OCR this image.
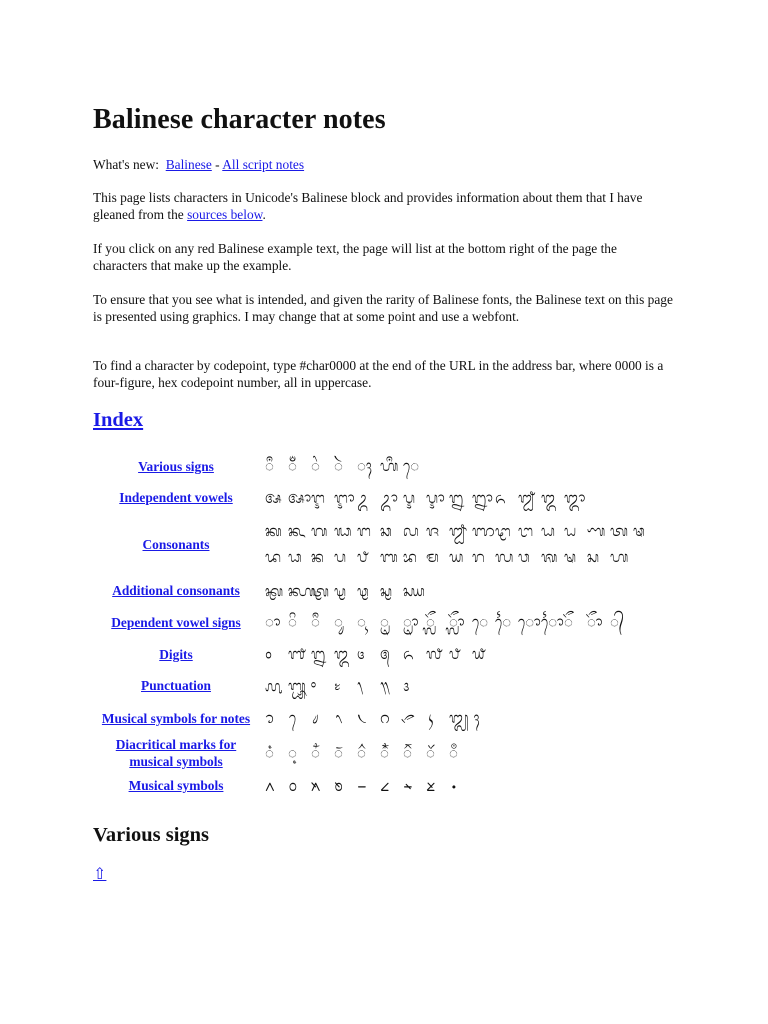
Balinese character notes

What's new: Balinese - All script notes

This page lists characters in Unicode's Balinese block and provides information about them that I have gleaned from the sources below.

If you click on any red Balinese example text, the page will list at the bottom right of the page the characters that make up the example.

To ensure that you see what is intended, and given the rarity of Balinese fonts, the Balinese text on this page is presented using graphics. I may change that at some point and use a webfont.

To find a character by codepoint, type #char0000 at the end of the URL in the address bar, where 0000 is a four-figure, hex codepoint number, all in uppercase.

Index
Various signs	ᬀ ᬁ ᬂ ᬃ ᬄ ᬳᬀ ᬾ

Independent vowels	ᬅ ᬆᬇ ᬈ ᬉ ᬊ ᬋ ᬌ ᬍ ᬎ ᬏ ᬐ ᬑ ᬒ

Consonants	ᬓ ᬔ ᬕ ᬖ ᬗ ᬘ ᬙ ᬚ ᬛ ᬜᬝ ᬞ ᬟ ᬠ ᬡ ᬢ ᬣ
ᬤ ᬥ ᬦ ᬧ ᬨ ᬩ ᬪ ᬫ ᬬ ᬭ ᬮ ᬯ ᬰ ᬱ ᬲ ᬳ

Additional consonants	ᭅ ᭆᭇ ᭈ ᭉ ᭊ ᭋ

Dependent vowel signs	ᬵ ᬶ ᬷ ᬸ ᬹ ᬺ ᬻ ᬼ ᬽ ᬾ ᬿ ᭀᭁᭂ ᭃ ᭄

Digits	᭐ ᭑ ᭒ ᭓ ᭔ ᭕ ᭖ ᭗ ᭘ ᭙

Punctuation	᭚ ᭛ ᭜ ᭝ ᭞ ᭟ ᭠

Musical symbols for notes	᭡ ᭢ ᭣ ᭤ ᭥ ᭦ ᭧ ᭨ ᭩ ᭪

Diacritical marks for musical symbols	᭫ ᭬ ᭭ ᭮ ᭯ ᭰ ᭱ ᭲ ᭳

Musical symbols	᭴ ᭵ ᭶ ᭷ ᭸ ᭹ ᭺ ᭻ ᭼
Various signs
⇧
